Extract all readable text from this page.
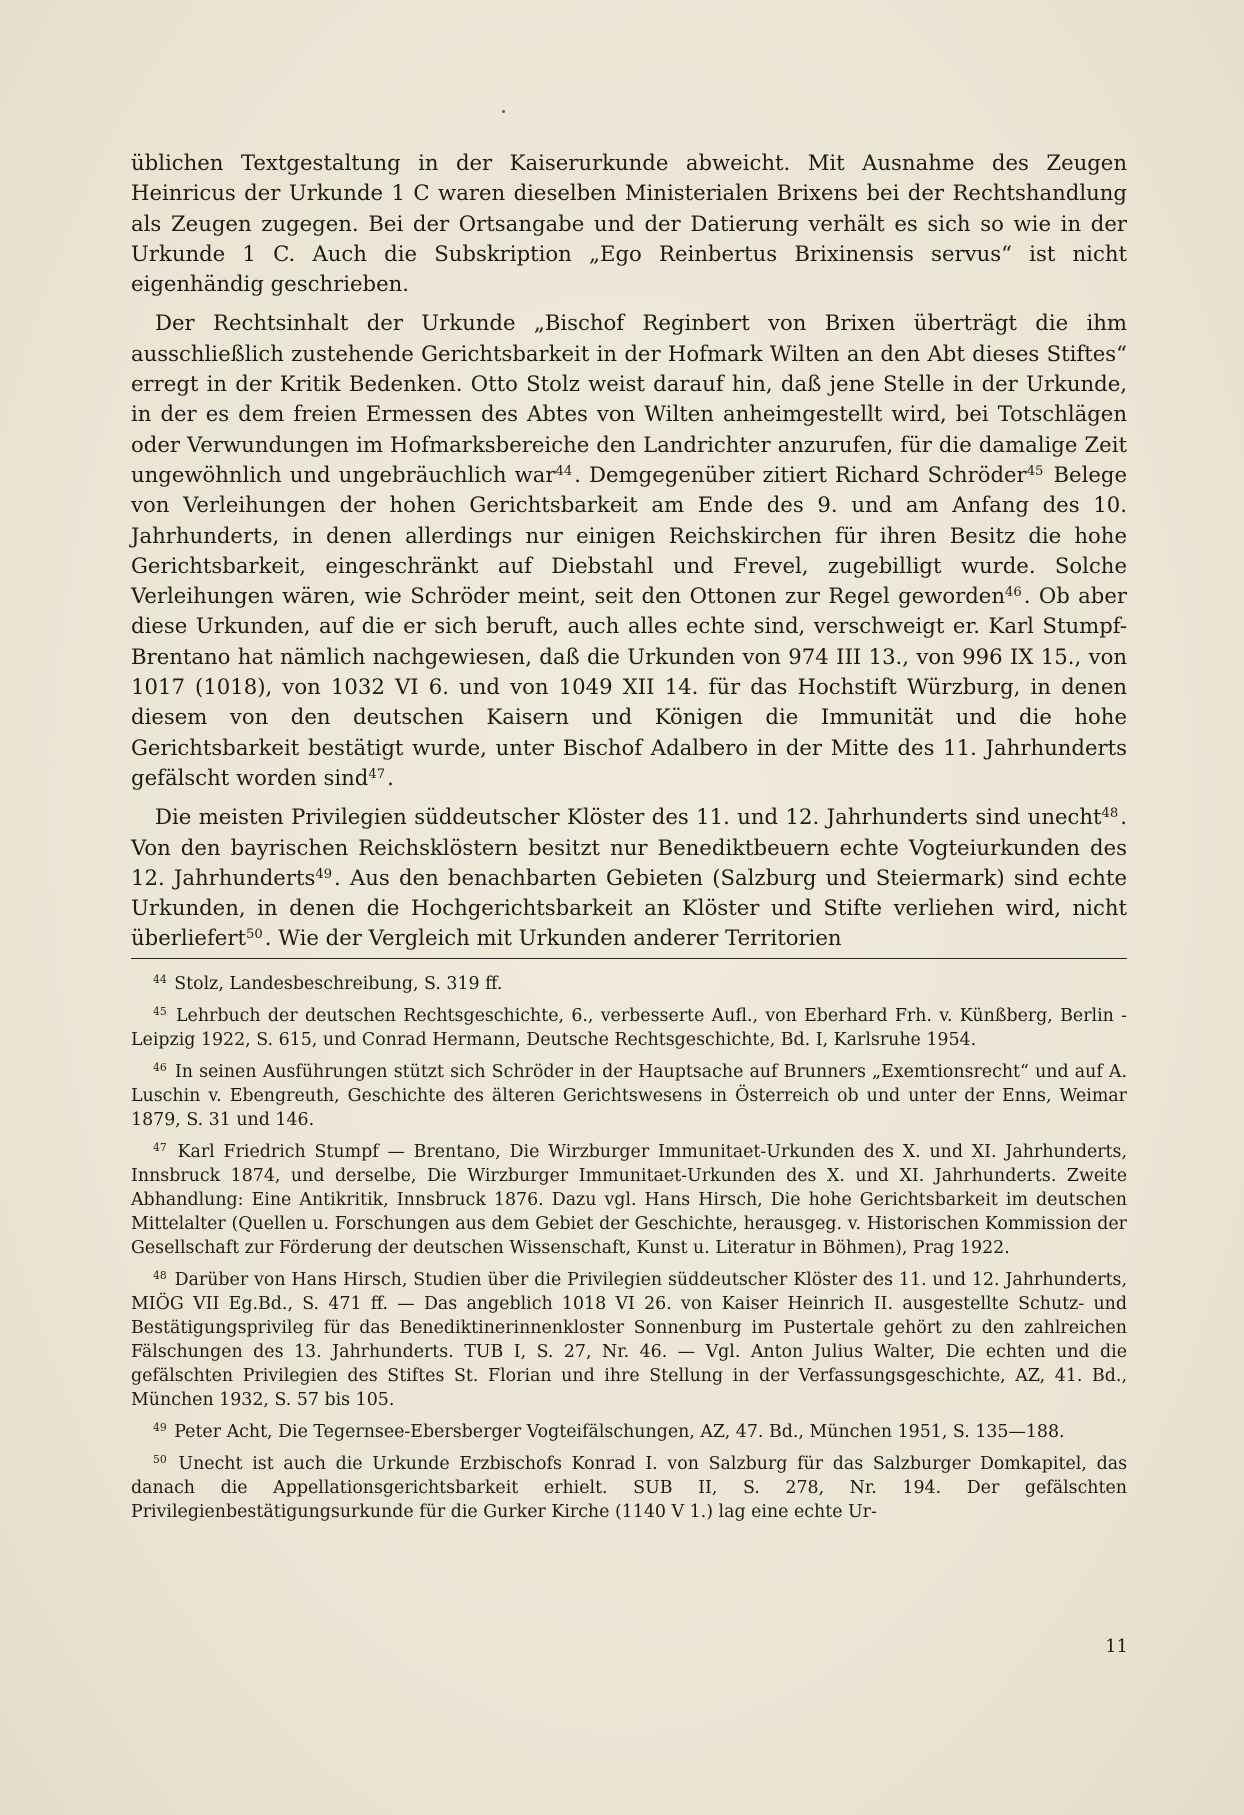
üblichen Textgestaltung in der Kaiserurkunde abweicht. Mit Ausnahme des Zeugen Heinricus der Urkunde 1 C waren dieselben Ministerialen Brixens bei der Rechtshandlung als Zeugen zugegen. Bei der Ortsangabe und der Datierung verhält es sich so wie in der Urkunde 1 C. Auch die Subskription „Ego Reinbertus Brixinensis servus“ ist nicht eigenhändig geschrieben.

Der Rechtsinhalt der Urkunde „Bischof Reginbert von Brixen überträgt die ihm ausschließlich zustehende Gerichtsbarkeit in der Hofmark Wilten an den Abt dieses Stiftes“ erregt in der Kritik Bedenken. Otto Stolz weist darauf hin, daß jene Stelle in der Urkunde, in der es dem freien Ermessen des Abtes von Wilten anheimgestellt wird, bei Totschlägen oder Verwundungen im Hofmarksbereiche den Landrichter anzurufen, für die damalige Zeit ungewöhnlich und ungebräuchlich war$^{44}$. Demgegenüber zitiert Richard Schröder$^{45}$ Belege von Verleihungen der hohen Gerichtsbarkeit am Ende des 9. und am Anfang des 10. Jahrhunderts, in denen allerdings nur einigen Reichskirchen für ihren Besitz die hohe Gerichtsbarkeit, eingeschränkt auf Diebstahl und Frevel, zugebilligt wurde. Solche Verleihungen wären, wie Schröder meint, seit den Ottonen zur Regel geworden$^{46}$. Ob aber diese Urkunden, auf die er sich beruft, auch alles echte sind, verschweigt er. Karl Stumpf-Brentano hat nämlich nachgewiesen, daß die Urkunden von 974 III 13., von 996 IX 15., von 1017 (1018), von 1032 VI 6. und von 1049 XII 14. für das Hochstift Würzburg, in denen diesem von den deutschen Kaisern und Königen die Immunität und die hohe Gerichtsbarkeit bestätigt wurde, unter Bischof Adalbero in der Mitte des 11. Jahrhunderts gefälscht worden sind$^{47}$.

Die meisten Privilegien süddeutscher Klöster des 11. und 12. Jahrhunderts sind unecht$^{48}$. Von den bayrischen Reichsklöstern besitzt nur Benediktbeuern echte Vogteiurkunden des 12. Jahrhunderts$^{49}$. Aus den benachbarten Gebieten (Salzburg und Steiermark) sind echte Urkunden, in denen die Hochgerichtsbarkeit an Klöster und Stifte verliehen wird, nicht überliefert$^{50}$. Wie der Vergleich mit Urkunden anderer Territorien

$^{44}$ Stolz, Landesbeschreibung, S. 319 ff.

$^{45}$ Lehrbuch der deutschen Rechtsgeschichte, 6., verbesserte Aufl., von Eberhard Frh. v. Künßberg, Berlin - Leipzig 1922, S. 615, und Conrad Hermann, Deutsche Rechtsgeschichte, Bd. I, Karlsruhe 1954.

$^{46}$ In seinen Ausführungen stützt sich Schröder in der Hauptsache auf Brunners „Exemtionsrecht“ und auf A. Luschin v. Ebengreuth, Geschichte des älteren Gerichtswesens in Österreich ob und unter der Enns, Weimar 1879, S. 31 und 146.

$^{47}$ Karl Friedrich Stumpf — Brentano, Die Wirzburger Immunitaet-Urkunden des X. und XI. Jahrhunderts, Innsbruck 1874, und derselbe, Die Wirzburger Immunitaet-Urkunden des X. und XI. Jahrhunderts. Zweite Abhandlung: Eine Antikritik, Innsbruck 1876. Dazu vgl. Hans Hirsch, Die hohe Gerichtsbarkeit im deutschen Mittelalter (Quellen u. Forschungen aus dem Gebiet der Geschichte, herausgeg. v. Historischen Kommission der Gesellschaft zur Förderung der deutschen Wissenschaft, Kunst u. Literatur in Böhmen), Prag 1922.

$^{48}$ Darüber von Hans Hirsch, Studien über die Privilegien süddeutscher Klöster des 11. und 12. Jahrhunderts, MIÖG VII Eg.Bd., S. 471 ff. — Das angeblich 1018 VI 26. von Kaiser Heinrich II. ausgestellte Schutz- und Bestätigungsprivileg für das Benediktinerinnenkloster Sonnenburg im Pustertale gehört zu den zahlreichen Fälschungen des 13. Jahrhunderts. TUB I, S. 27, Nr. 46. — Vgl. Anton Julius Walter, Die echten und die gefälschten Privilegien des Stiftes St. Florian und ihre Stellung in der Verfassungsgeschichte, AZ, 41. Bd., München 1932, S. 57 bis 105.

$^{49}$ Peter Acht, Die Tegernsee-Ebersberger Vogteifälschungen, AZ, 47. Bd., München 1951, S. 135—188.

$^{50}$ Unecht ist auch die Urkunde Erzbischofs Konrad I. von Salzburg für das Salzburger Domkapitel, das danach die Appellationsgerichtsbarkeit erhielt. SUB II, S. 278, Nr. 194. Der gefälschten Privilegienbestätigungsurkunde für die Gurker Kirche (1140 V 1.) lag eine echte Ur-

11
